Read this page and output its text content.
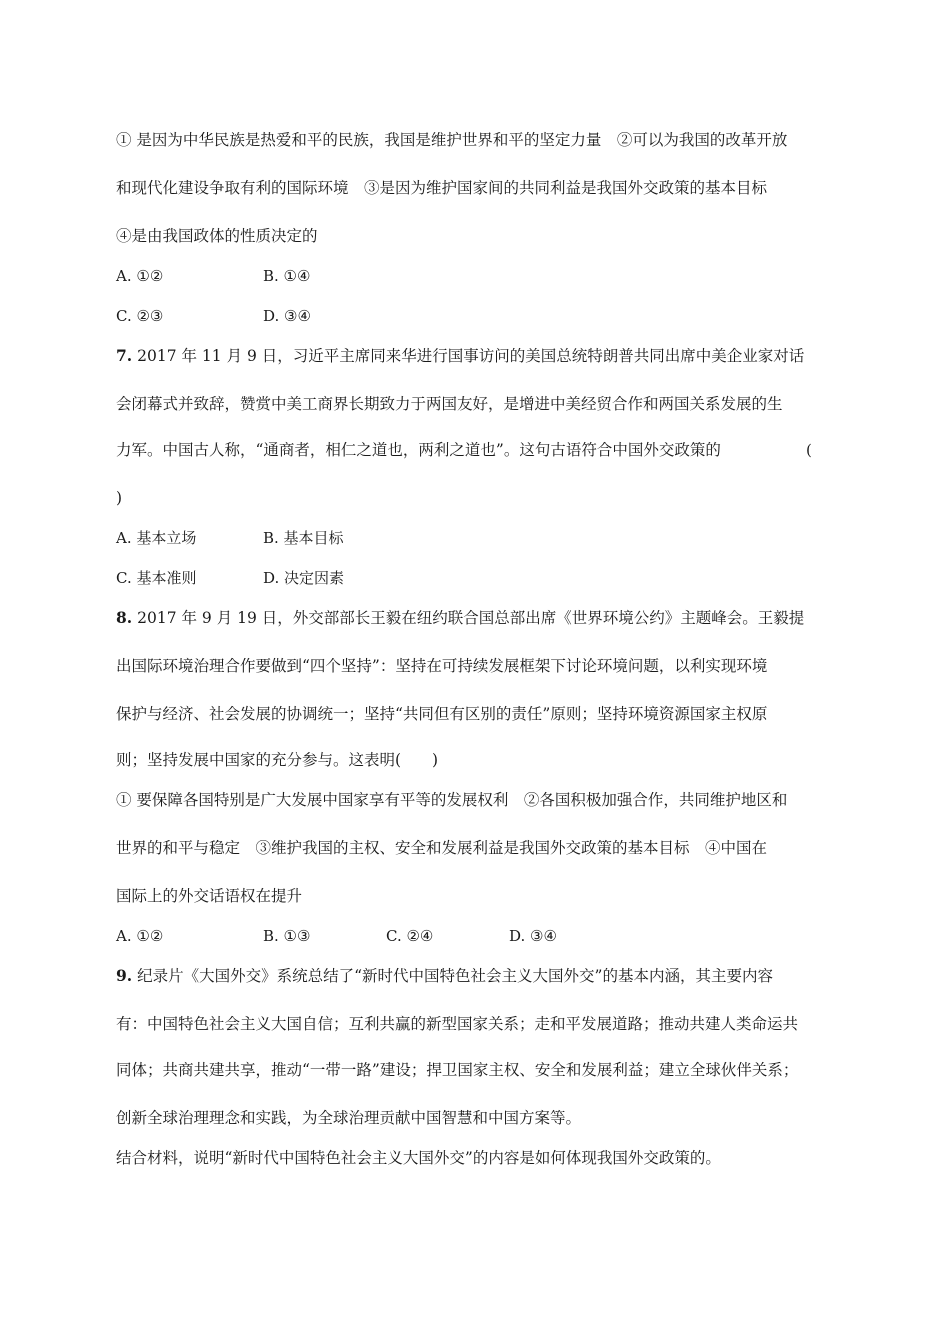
① 是因为中华民族是热爱和平的民族，我国是维护世界和平的坚定力量　②可以为我国的改革开放
和现代化建设争取有利的国际环境　③是因为维护国家间的共同利益是我国外交政策的基本目标
④是由我国政体的性质决定的
A. ①②	B. ①④
C. ②③	D. ③④
7. 2017 年 11 月 9 日，习近平主席同来华进行国事访问的美国总统特朗普共同出席中美企业家对话
会闭幕式并致辞，赞赏中美工商界长期致力于两国友好，是增进中美经贸合作和两国关系发展的生
力军。中国古人称，“通商者，相仁之道也，两利之道也”。这句古语符合中国外交政策的	(
)
A. 基本立场	B. 基本目标
C. 基本准则	D. 决定因素
8. 2017 年 9 月 19 日，外交部部长王毅在纽约联合国总部出席《世界环境公约》主题峰会。王毅提
出国际环境治理合作要做到“四个坚持”：坚持在可持续发展框架下讨论环境问题，以利实现环境
保护与经济、社会发展的协调统一；坚持“共同但有区别的责任”原则；坚持环境资源国家主权原
则；坚持发展中国家的充分参与。这表明(　　)
① 要保障各国特别是广大发展中国家享有平等的发展权利　②各国积极加强合作，共同维护地区和
世界的和平与稳定　③维护我国的主权、安全和发展利益是我国外交政策的基本目标　④中国在
国际上的外交话语权在提升
A. ①②	B. ①③	C. ②④	D. ③④
9. 纪录片《大国外交》系统总结了“新时代中国特色社会主义大国外交”的基本内涵，其主要内容
有：中国特色社会主义大国自信；互利共赢的新型国家关系；走和平发展道路；推动共建人类命运共
同体；共商共建共享，推动“一带一路”建设；捍卫国家主权、安全和发展利益；建立全球伙伴关系；
创新全球治理理念和实践，为全球治理贡献中国智慧和中国方案等。
结合材料，说明“新时代中国特色社会主义大国外交”的内容是如何体现我国外交政策的。
